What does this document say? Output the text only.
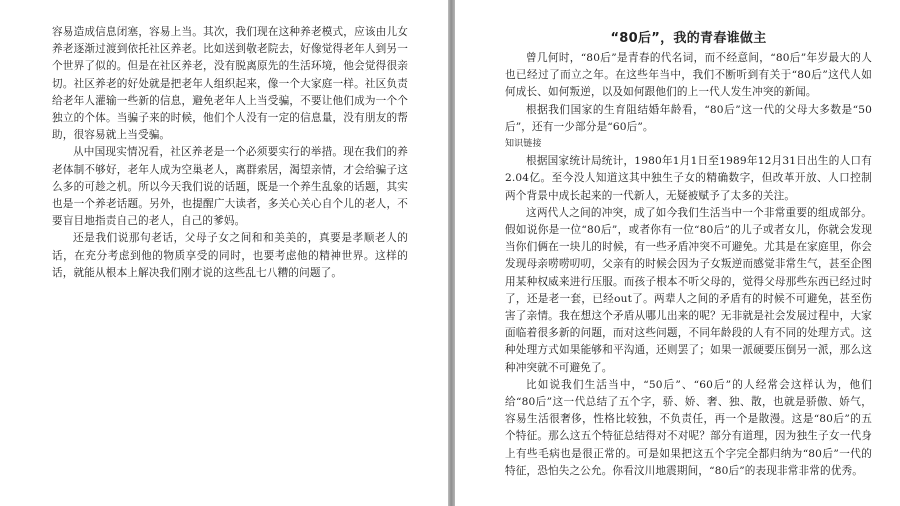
容易造成信息闭塞，容易上当。其次，我们现在这种养老模式，应该由儿女养老逐渐过渡到依托社区养老。比如送到敬老院去，好像觉得老年人到另一个世界了似的。但是在社区养老，没有脱离原先的生活环境，他会觉得很亲切。社区养老的好处就是把老年人组织起来，像一个大家庭一样。社区负责给老年人灌输一些新的信息，避免老年人上当受骗，不要让他们成为一个个独立的个体。当骗子来的时候，他们个人没有一定的信息量，没有朋友的帮助，很容易就上当受骗。

从中国现实情况看，社区养老是一个必须要实行的举措。现在我们的养老体制不够好，老年人成为空巢老人，离群索居，渴望亲情，才会给骗子这么多的可趁之机。所以今天我们说的话题，既是一个养生乱象的话题，其实也是一个养老话题。另外，也提醒广大读者，多关心关心自个儿的老人，不要盲目地指责自己的老人，自己的爹妈。

还是我们说那句老话，父母子女之间和和美美的，真要是孝顺老人的话，在充分考虑到他的物质享受的同时，也要考虑他的精神世界。这样的话，就能从根本上解决我们刚才说的这些乱七八糟的问题了。

“80后”，我的青春谁做主

曾几何时，“80后”是青春的代名词，而不经意间，“80后”年岁最大的人也已经过了而立之年。在这些年当中，我们不断听到有关于“80后”这代人如何成长、如何叛逆，以及如何跟他们的上一代人发生冲突的新闻。

根据我们国家的生育阻结婚年龄看，“80后”这一代的父母大多数是“50后”，还有一少部分是“60后”。

知识链接

根据国家统计局统计，1980年1月1日至1989年12月31日出生的人口有2.04亿。至今没人知道这其中独生子女的精确数字，但改革开放、人口控制两个背景中成长起来的一代新人，无疑被赋予了太多的关注。

这两代人之间的冲突，成了如今我们生活当中一个非常重要的组成部分。假如说你是一位“80后”，或者你有一位“80后”的儿子或者女儿，你就会发现当你们俩在一块儿的时候，有一些矛盾冲突不可避免。尤其是在家庭里，你会发现母亲唠唠叨叨，父亲有的时候会因为子女叛逆而感觉非常生气，甚至企图用某种权威来进行压服。而孩子根本不听父母的，觉得父母那些东西已经过时了，还是老一套，已经out了。两辈人之间的矛盾有的时候不可避免，甚至伤害了亲情。我在想这个矛盾从哪儿出来的呢？无非就是社会发展过程中，大家面临着很多新的问题，而对这些问题，不同年龄段的人有不同的处理方式。这种处理方式如果能够和平沟通，还则罢了；如果一派硬要压倒另一派，那么这种冲突就不可避免了。

比如说我们生活当中，“50后”、“60后”的人经常会这样认为，他们给“80后”这一代总结了五个字，骄、娇、奢、独、散，也就是骄傲、娇气，容易生活很奢侈，性格比较独，不负责任，再一个是散漫。这是“80后”的五个特征。那么这五个特征总结得对不对呢？部分有道理，因为独生子女一代身上有些毛病也是很正常的。可是如果把这五个字完全都归纳为“80后”一代的特征，恐怕失之公允。你看汶川地震期间，“80后”的表现非常非常的优秀。
